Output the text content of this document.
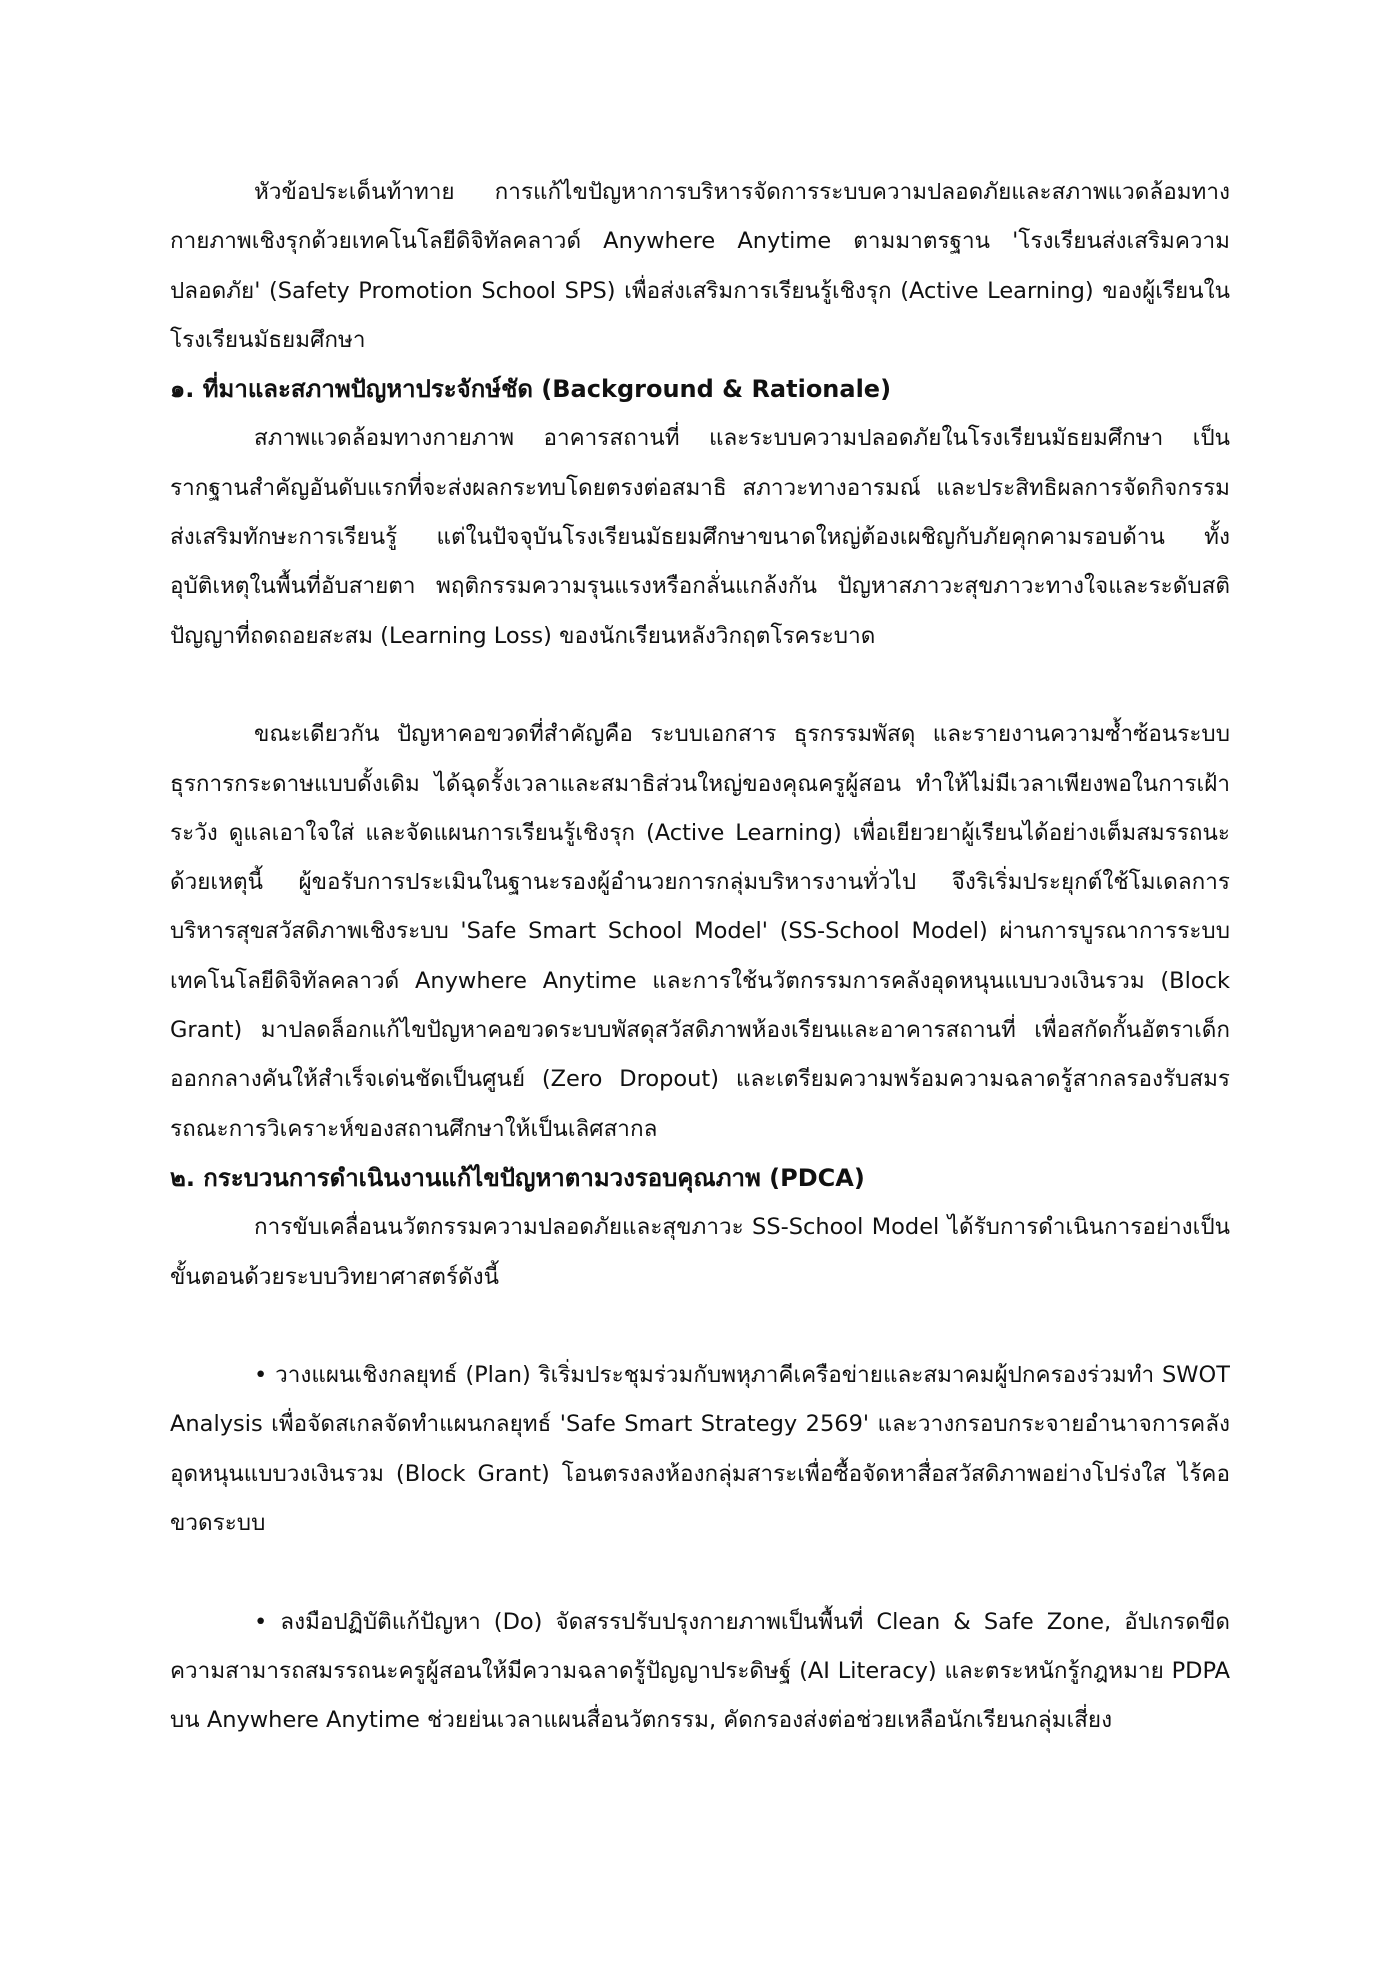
หัวข้อประเด็นท้าทาย การแก้ไขปัญหาการบริหารจัดการระบบความปลอดภัยและสภาพแวดล้อมทางกายภาพเชิงรุกด้วยเทคโนโลยีดิจิทัลคลาวด์ Anywhere Anytime ตามมาตรฐาน 'โรงเรียนส่งเสริมความปลอดภัย' (Safety Promotion School SPS) เพื่อส่งเสริมการเรียนรู้เชิงรุก (Active Learning) ของผู้เรียนในโรงเรียนมัธยมศึกษา

๑. ที่มาและสภาพปัญหาประจักษ์ชัด (Background & Rationale)

สภาพแวดล้อมทางกายภาพ อาคารสถานที่ และระบบความปลอดภัยในโรงเรียนมัธยมศึกษา เป็นรากฐานสำคัญอันดับแรกที่จะส่งผลกระทบโดยตรงต่อสมาธิ สภาวะทางอารมณ์ และประสิทธิผลการจัดกิจกรรมส่งเสริมทักษะการเรียนรู้ แต่ในปัจจุบันโรงเรียนมัธยมศึกษาขนาดใหญ่ต้องเผชิญกับภัยคุกคามรอบด้าน ทั้งอุบัติเหตุในพื้นที่อับสายตา พฤติกรรมความรุนแรงหรือกลั่นแกล้งกัน ปัญหาสภาวะสุขภาวะทางใจและระดับสติปัญญาที่ถดถอยสะสม (Learning Loss) ของนักเรียนหลังวิกฤตโรคระบาด

ขณะเดียวกัน ปัญหาคอขวดที่สำคัญคือ ระบบเอกสาร ธุรกรรมพัสดุ และรายงานความซ้ำซ้อนระบบธุรการกระดาษแบบดั้งเดิม ได้ฉุดรั้งเวลาและสมาธิส่วนใหญ่ของคุณครูผู้สอน ทำให้ไม่มีเวลาเพียงพอในการเฝ้าระวัง ดูแลเอาใจใส่ และจัดแผนการเรียนรู้เชิงรุก (Active Learning) เพื่อเยียวยาผู้เรียนได้อย่างเต็มสมรรถนะ ด้วยเหตุนี้ ผู้ขอรับการประเมินในฐานะรองผู้อำนวยการกลุ่มบริหารงานทั่วไป จึงริเริ่มประยุกต์ใช้โมเดลการบริหารสุขสวัสดิภาพเชิงระบบ 'Safe Smart School Model' (SS-School Model) ผ่านการบูรณาการระบบเทคโนโลยีดิจิทัลคลาวด์ Anywhere Anytime และการใช้นวัตกรรมการคลังอุดหนุนแบบวงเงินรวม (Block Grant) มาปลดล็อกแก้ไขปัญหาคอขวดระบบพัสดุสวัสดิภาพห้องเรียนและอาคารสถานที่ เพื่อสกัดกั้นอัตราเด็กออกกลางคันให้สำเร็จเด่นชัดเป็นศูนย์ (Zero Dropout) และเตรียมความพร้อมความฉลาดรู้สากลรองรับสมรรถณะการวิเคราะห์ของสถานศึกษาให้เป็นเลิศสากล

๒. กระบวนการดำเนินงานแก้ไขปัญหาตามวงรอบคุณภาพ (PDCA)

การขับเคลื่อนนวัตกรรมความปลอดภัยและสุขภาวะ SS-School Model ได้รับการดำเนินการอย่างเป็นขั้นตอนด้วยระบบวิทยาศาสตร์ดังนี้

• วางแผนเชิงกลยุทธ์ (Plan) ริเริ่มประชุมร่วมกับพหุภาคีเครือข่ายและสมาคมผู้ปกครองร่วมทำ SWOT Analysis เพื่อจัดสเกลจัดทำแผนกลยุทธ์ 'Safe Smart Strategy 2569' และวางกรอบกระจายอำนาจการคลังอุดหนุนแบบวงเงินรวม (Block Grant) โอนตรงลงห้องกลุ่มสาระเพื่อซื้อจัดหาสื่อสวัสดิภาพอย่างโปร่งใส ไร้คอขวดระบบ

• ลงมือปฏิบัติแก้ปัญหา (Do) จัดสรรปรับปรุงกายภาพเป็นพื้นที่ Clean & Safe Zone, อัปเกรดขีดความสามารถสมรรถนะครูผู้สอนให้มีความฉลาดรู้ปัญญาประดิษฐ์ (AI Literacy) และตระหนักรู้กฎหมาย PDPA บน Anywhere Anytime ช่วยย่นเวลาแผนสื่อนวัตกรรม, คัดกรองส่งต่อช่วยเหลือนักเรียนกลุ่มเสี่ยง
